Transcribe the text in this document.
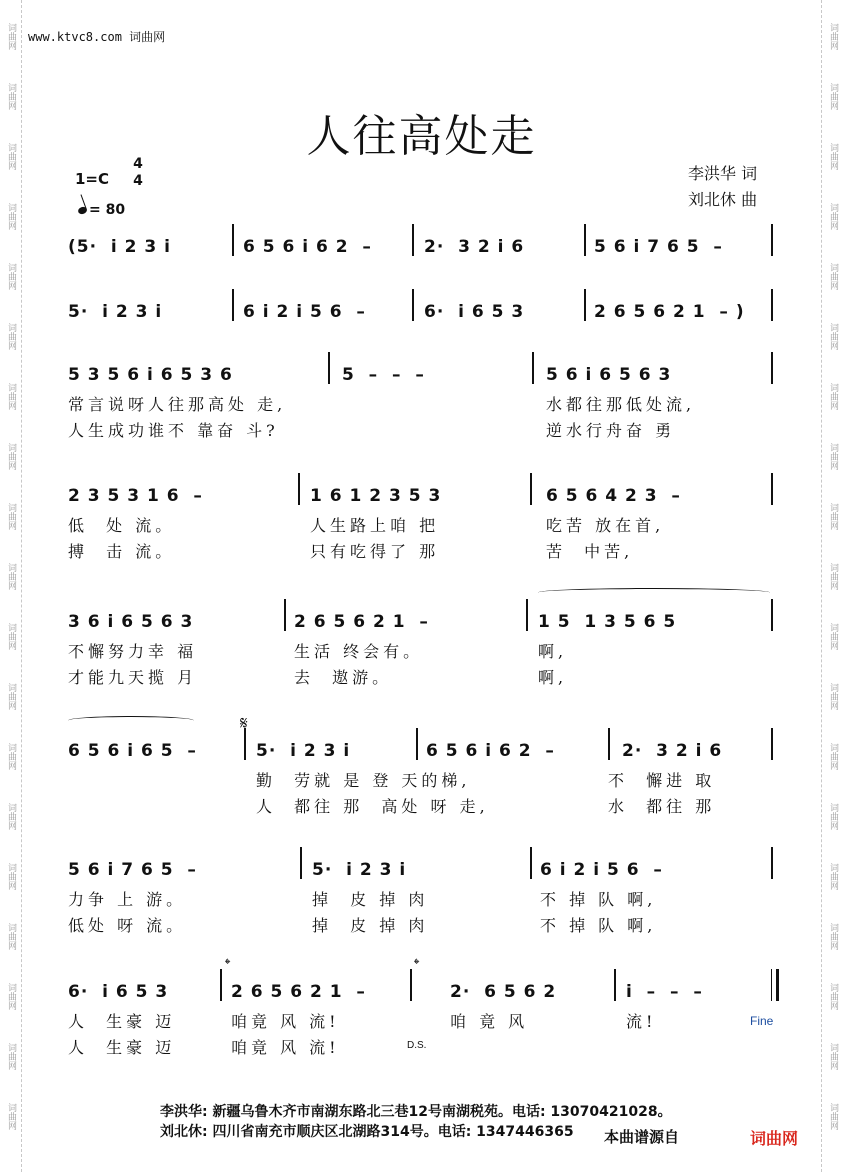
词曲网
词曲网
词曲网
词曲网
词曲网
词曲网
词曲网
词曲网
词曲网
词曲网
词曲网
词曲网
词曲网
词曲网
词曲网
词曲网
词曲网
词曲网
词曲网
词曲网
词曲网
词曲网
词曲网
词曲网
词曲网
词曲网
词曲网
词曲网
词曲网
词曲网
词曲网
词曲网
词曲网
词曲网
词曲网
词曲网
词曲网
词曲网
www.ktvc8.com 词曲网
人往高处走
1=C
4
4
= 80
李洪华 词
刘北休 曲
(5·  i 2 3 i	6 5 6 i 6 2  –	2·  3 2 i 6	5 6 i 7 6 5  –
5·  i 2 3 i	6 i 2 i 5 6  –	6·  i 6 5 3	2 6 5 6 2 1  – )
5 3 5 6 i 6 5 3 6	5  –  –  –	5 6 i 6 5 6 3
常言说呀人往那高处 走,	水都往那低处流,
人生成功谁不 靠奋 斗?	逆水行舟奋 勇
2 3 5 3 1 6  –	1 6 1 2 3 5 3	6 5 6 4 2 3  –
低  处 流。	人生路上咱 把	吃苦 放在首,
搏  击 流。	只有吃得了 那	苦  中苦,
3 6 i 6 5 6 3	2 6 5 6 2 1  –	1 5  1 3 5 6 5
不懈努力幸 福	生活 终会有。	啊,
才能九天揽 月	去  遨游。	啊,
6 5 6 i 6 5  –	5·  i 2 3 i	6 5 6 i 6 2  –	2·  3 2 i 6
勤  劳就 是 登 天的梯,	不  懈进 取
人  都往 那  高处 呀 走,	水  都往 那
5 6 i 7 6 5  –	5·  i 2 3 i	6 i 2 i 5 6  –
力争 上 游。	掉  皮 掉 肉	不 掉 队 啊,
低处 呀 流。	掉  皮 掉 肉	不 掉 队 啊,
6·  i 6 5 3	2 6 5 6 2 1  –	2·  6 5 6 2	i  –  –  –
人  生豪 迈	咱竟 风 流!	咱 竟 风	流!
人  生豪 迈	咱竟 风 流!
𝄋
𝄌	𝄌
Fine
D.S.
李洪华: 新疆乌鲁木齐市南湖东路北三巷12号南湖税苑。电话: 13070421028。
刘北休: 四川省南充市顺庆区北湖路314号。电话: 1347446365 本曲谱源自	词曲网
